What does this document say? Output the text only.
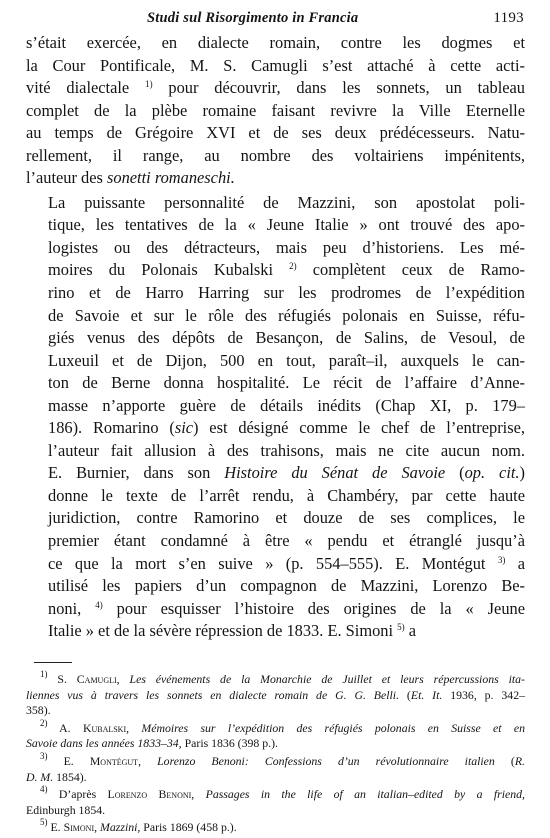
Studi sul Risorgimento in Francia	1193

s’était exercée, en dialecte romain, contre les dogmes et
la Cour Pontificale, M. S. Camugli s’est attaché à cette acti-
vité dialectale $^{1)}$ pour découvrir, dans les sonnets, un tableau
complet de la plèbe romaine faisant revivre la Ville Eternelle
au temps de Grégoire XVI et de ses deux prédécesseurs. Natu-
rellement, il range, au nombre des voltairiens impénitents,
l’auteur des sonetti romaneschi.

La puissante personnalité de Mazzini, son apostolat poli-
tique, les tentatives de la « Jeune Italie » ont trouvé des apo-
logistes ou des détracteurs, mais peu d’historiens. Les mé-
moires du Polonais Kubalski $^{2)}$ complètent ceux de Ramo-
rino et de Harro Harring sur les prodromes de l’expédition
de Savoie et sur le rôle des réfugiés polonais en Suisse, réfu-
giés venus des dépôts de Besançon, de Salins, de Vesoul, de
Luxeuil et de Dijon, 500 en tout, paraît–il, auxquels le can-
ton de Berne donna hospitalité. Le récit de l’affaire d’Anne-
masse n’apporte guère de détails inédits (Chap XI, p. 179–
186). Romarino (sic) est désigné comme le chef de l’entreprise,
l’auteur fait allusion à des trahisons, mais ne cite aucun nom.
E. Burnier, dans son Histoire du Sénat de Savoie (op. cit.)
donne le texte de l’arrêt rendu, à Chambéry, par cette haute
juridiction, contre Ramorino et douze de ses complices, le
premier étant condamné à être « pendu et étranglé jusqu’à
ce que la mort s’en suive » (p. 554–555). E. Montégut $^{3)}$ a
utilisé les papiers d’un compagnon de Mazzini, Lorenzo Be-
noni, $^{4)}$ pour esquisser l’histoire des origines de la « Jeune
Italie » et de la sévère répression de 1833. E. Simoni $^{5)}$ a

$^{1)}$ S. Camugli, Les événements de la Monarchie de Juillet et leurs répercussions ita-
liennes vus à travers les sonnets en dialecte romain de G. G. Belli. (Et. It. 1936, p. 342–
358).
$^{2)}$ A. Kubalski, Mémoires sur l’expédition des réfugiés polonais en Suisse et en
Savoie dans les années 1833–34, Paris 1836 (398 p.).
$^{3)}$ E. Montégut, Lorenzo Benoni: Confessions d’un révolutionnaire italien (R.
D. M. 1854).
$^{4)}$ D’après Lorenzo Benoni, Passages in the life of an italian–edited by a friend,
Edinburgh 1854.
$^{5)}$ E. Simoni, Mazzini, Paris 1869 (458 p.).
